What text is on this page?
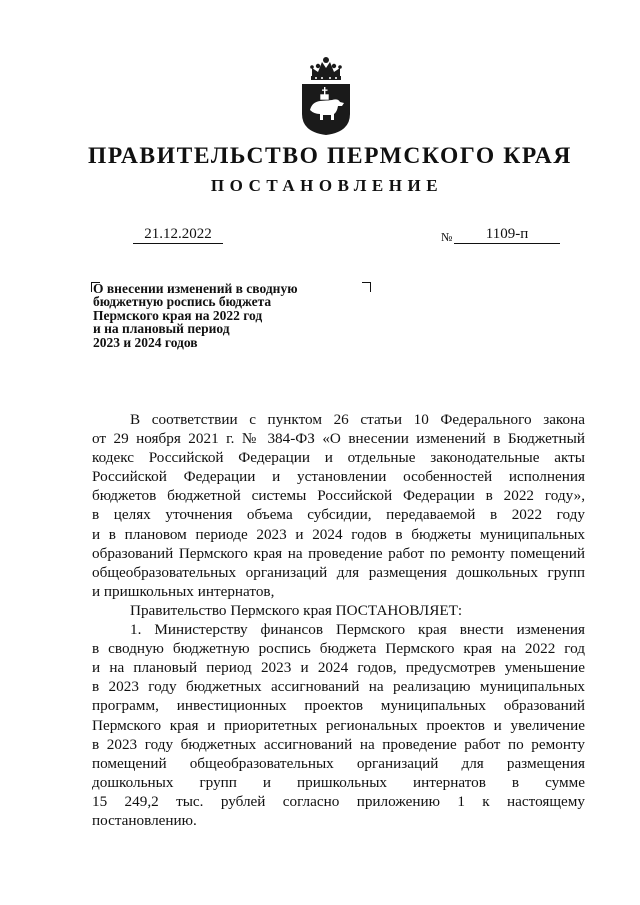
ПРАВИТЕЛЬСТВО ПЕРМСКОГО КРАЯ
ПОСТАНОВЛЕНИЕ
21.12.2022	№	1109-п
О внесении изменений в сводную
бюджетную роспись бюджета
Пермского края на 2022 год
и на плановый период
2023 и 2024 годов
В соответствии с пунктом 26 статьи 10 Федерального закона
от 29 ноября 2021 г. № 384-ФЗ «О внесении изменений в Бюджетный
кодекс Российской Федерации и отдельные законодательные акты
Российской Федерации и установлении особенностей исполнения
бюджетов бюджетной системы Российской Федерации в 2022 году»,
в целях уточнения объема субсидии, передаваемой в 2022 году
и в плановом периоде 2023 и 2024 годов в бюджеты муниципальных
образований Пермского края на проведение работ по ремонту помещений
общеобразовательных организаций для размещения дошкольных групп
и пришкольных интернатов,
Правительство Пермского края ПОСТАНОВЛЯЕТ:
1. Министерству финансов Пермского края внести изменения
в сводную бюджетную роспись бюджета Пермского края на 2022 год
и на плановый период 2023 и 2024 годов, предусмотрев уменьшение
в 2023 году бюджетных ассигнований на реализацию муниципальных
программ, инвестиционных проектов муниципальных образований
Пермского края и приоритетных региональных проектов и увеличение
в 2023 году бюджетных ассигнований на проведение работ по ремонту
помещений общеобразовательных организаций для размещения
дошкольных групп и пришкольных интернатов в сумме
15 249,2 тыс. рублей согласно приложению 1 к настоящему
постановлению.
